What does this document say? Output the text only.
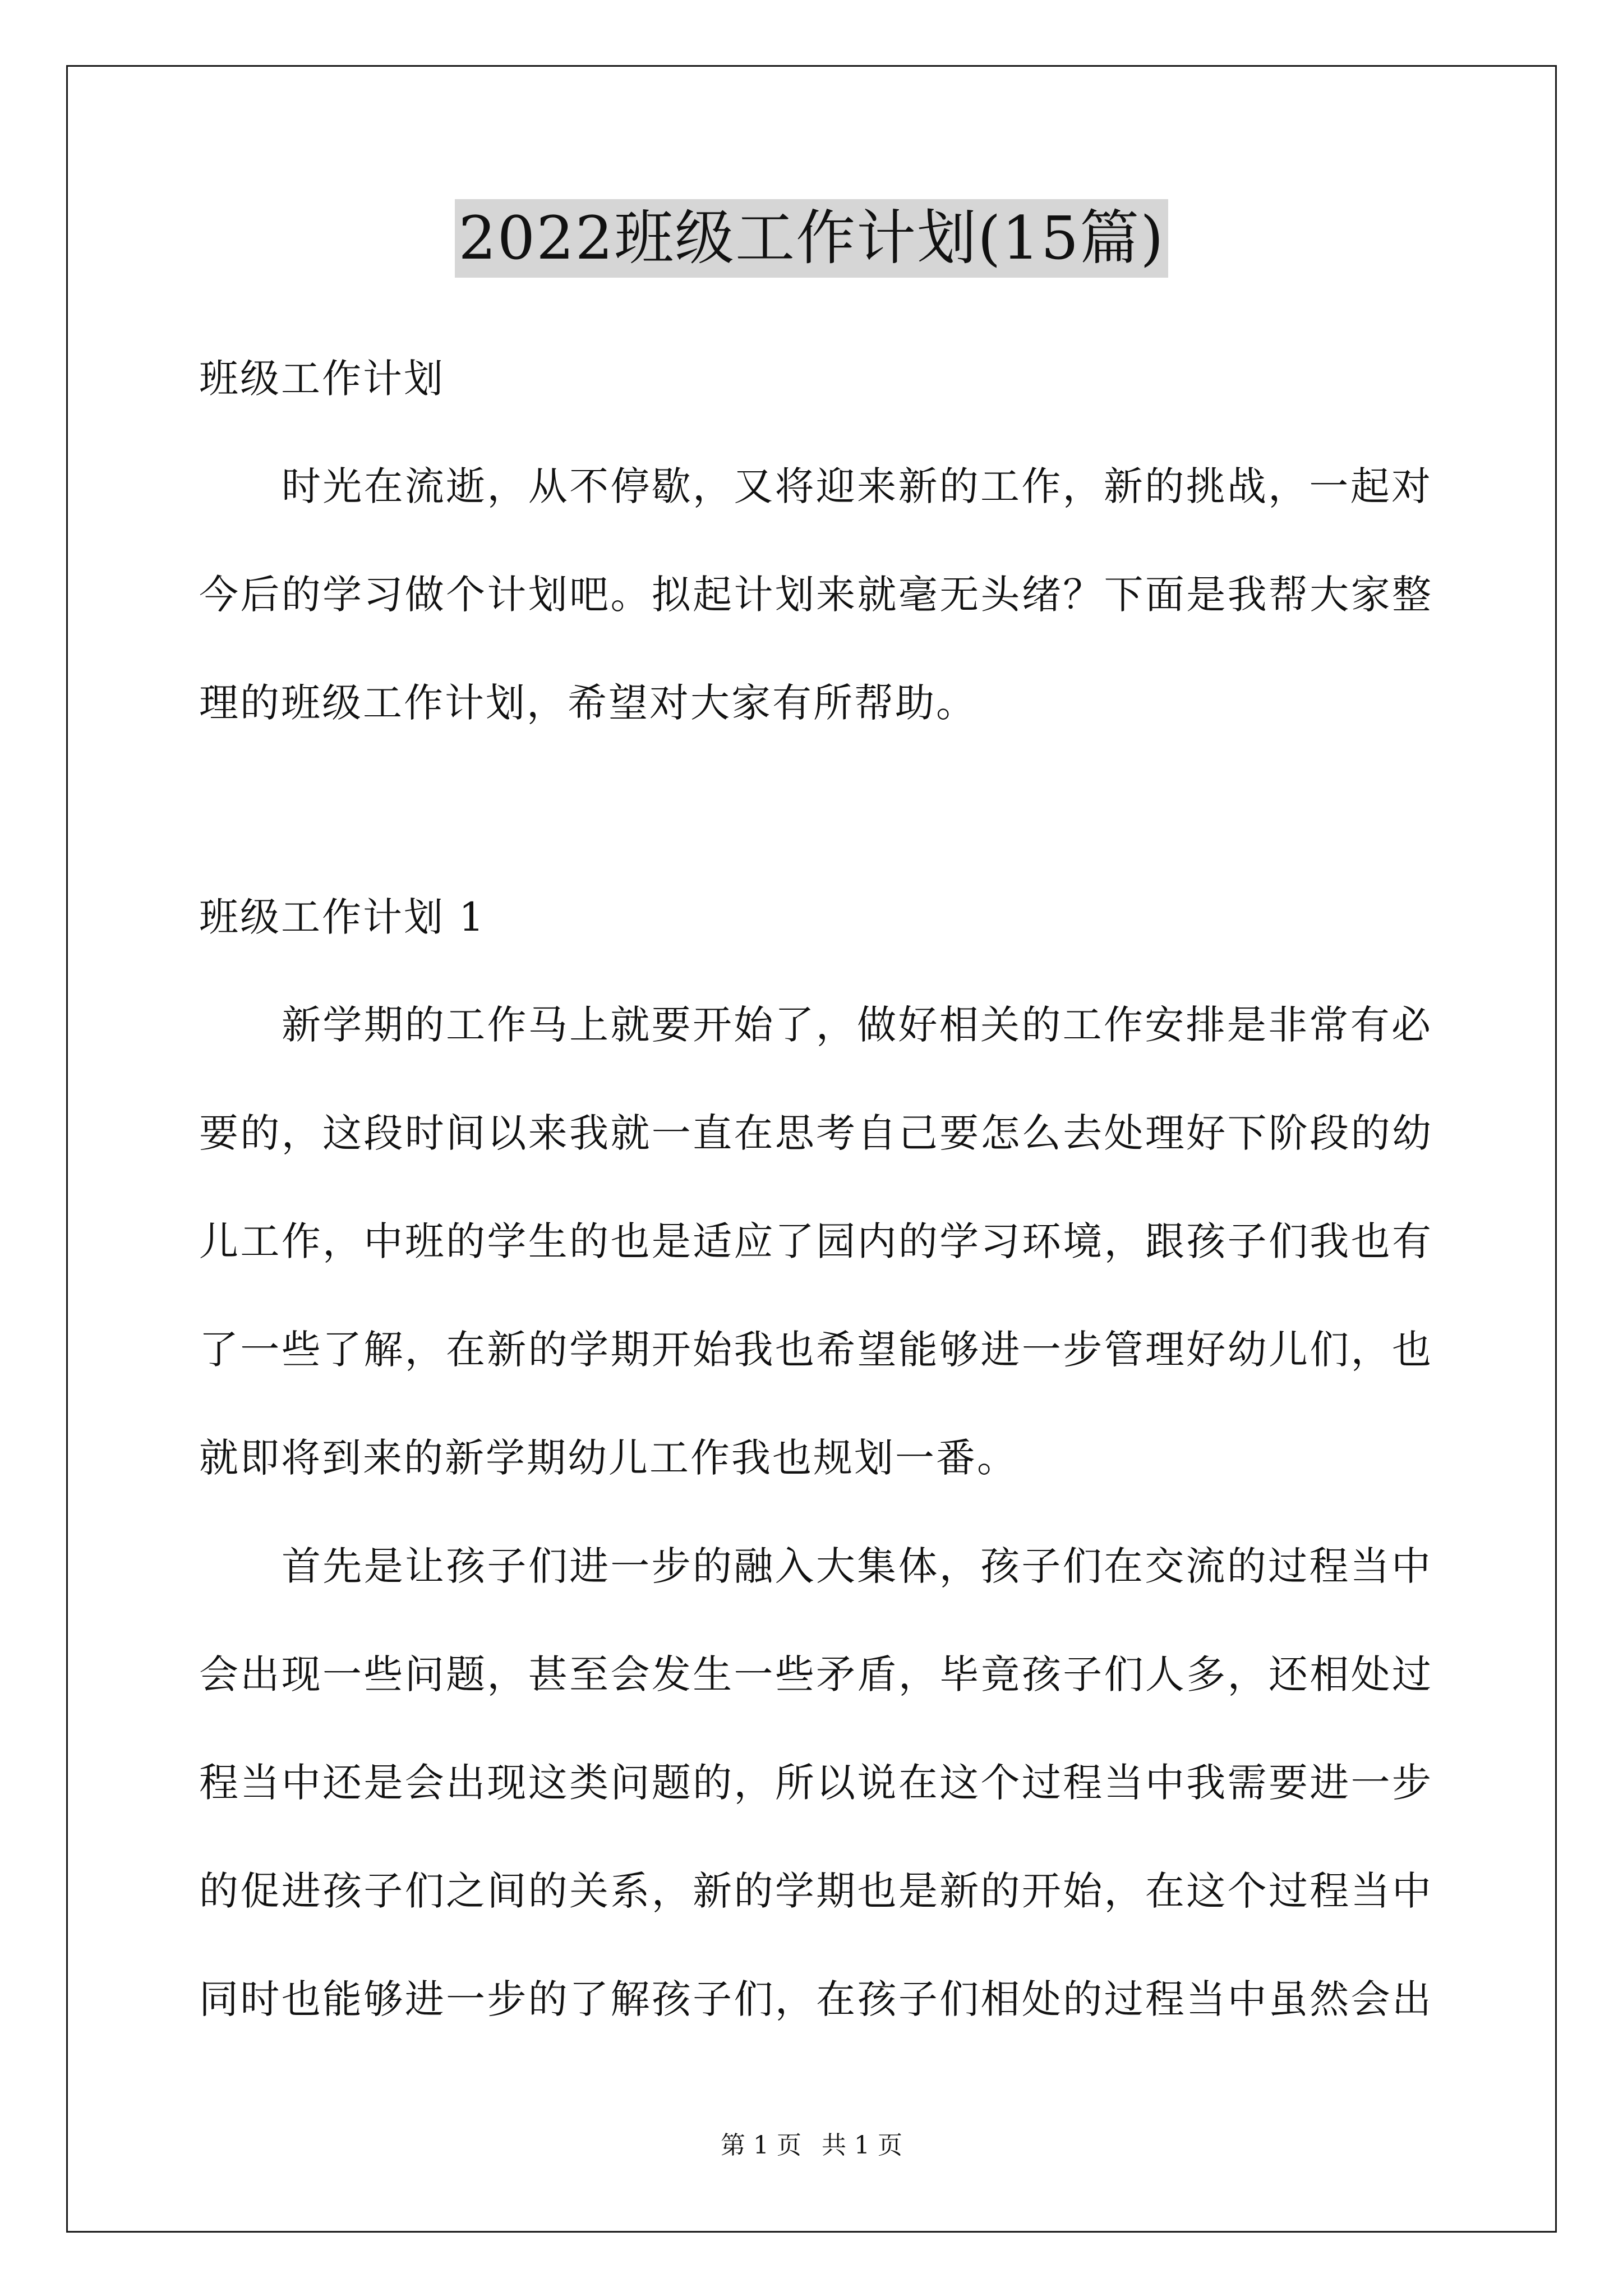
2022班级工作计划(15篇)
班级工作计划
时光在流逝，从不停歇，又将迎来新的工作，新的挑战，一起对
今后的学习做个计划吧。拟起计划来就毫无头绪？下面是我帮大家整
理的班级工作计划，希望对大家有所帮助。
班级工作计划 1
新学期的工作马上就要开始了，做好相关的工作安排是非常有必
要的，这段时间以来我就一直在思考自己要怎么去处理好下阶段的幼
儿工作，中班的学生的也是适应了园内的学习环境，跟孩子们我也有
了一些了解，在新的学期开始我也希望能够进一步管理好幼儿们，也
就即将到来的新学期幼儿工作我也规划一番。
首先是让孩子们进一步的融入大集体，孩子们在交流的过程当中
会出现一些问题，甚至会发生一些矛盾，毕竟孩子们人多，还相处过
程当中还是会出现这类问题的，所以说在这个过程当中我需要进一步
的促进孩子们之间的关系，新的学期也是新的开始，在这个过程当中
同时也能够进一步的了解孩子们，在孩子们相处的过程当中虽然会出
第 1 页 共 1 页
